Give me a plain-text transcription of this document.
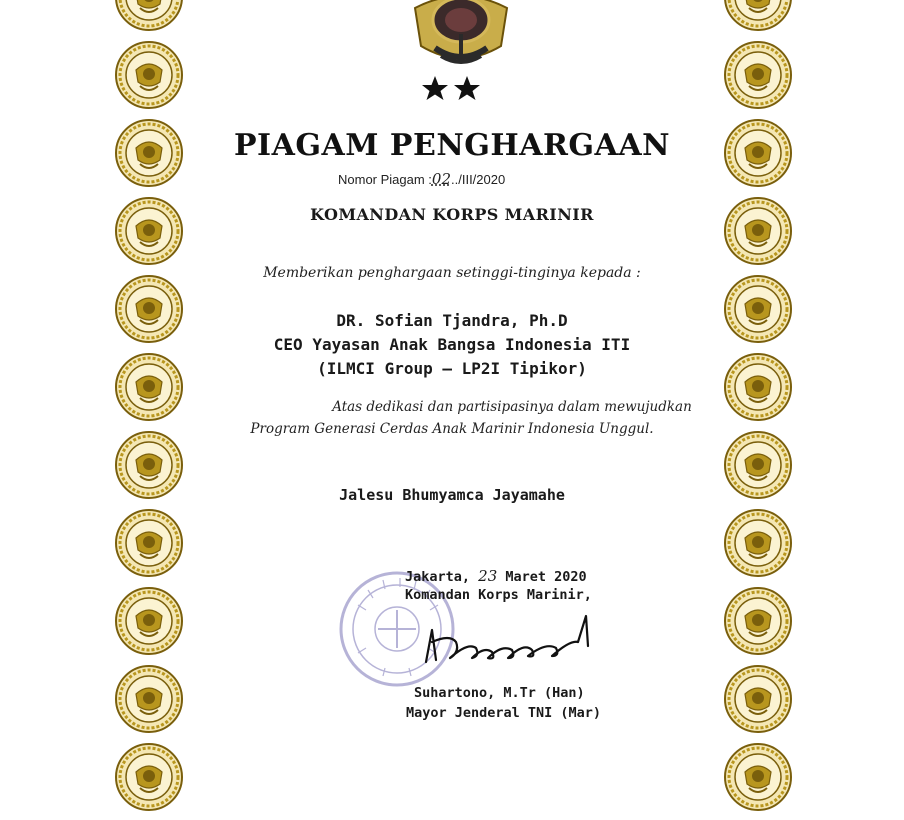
PIAGAM PENGHARGAAN
Nomor Piagam :02../III/2020
KOMANDAN KORPS MARINIR
Memberikan penghargaan setinggi-tinginya kepada :
DR. Sofian Tjandra, Ph.D
CEO Yayasan Anak Bangsa Indonesia ITI
(ILMCI Group – LP2I Tipikor)
Atas dedikasi dan partisipasinya dalam mewujudkan
Program Generasi Cerdas Anak Marinir Indonesia Unggul.
Jalesu Bhumyamca Jayamahe
Jakarta, 23 Maret 2020
Komandan Korps Marinir,
Suhartono, M.Tr (Han)
Mayor Jenderal TNI (Mar)
